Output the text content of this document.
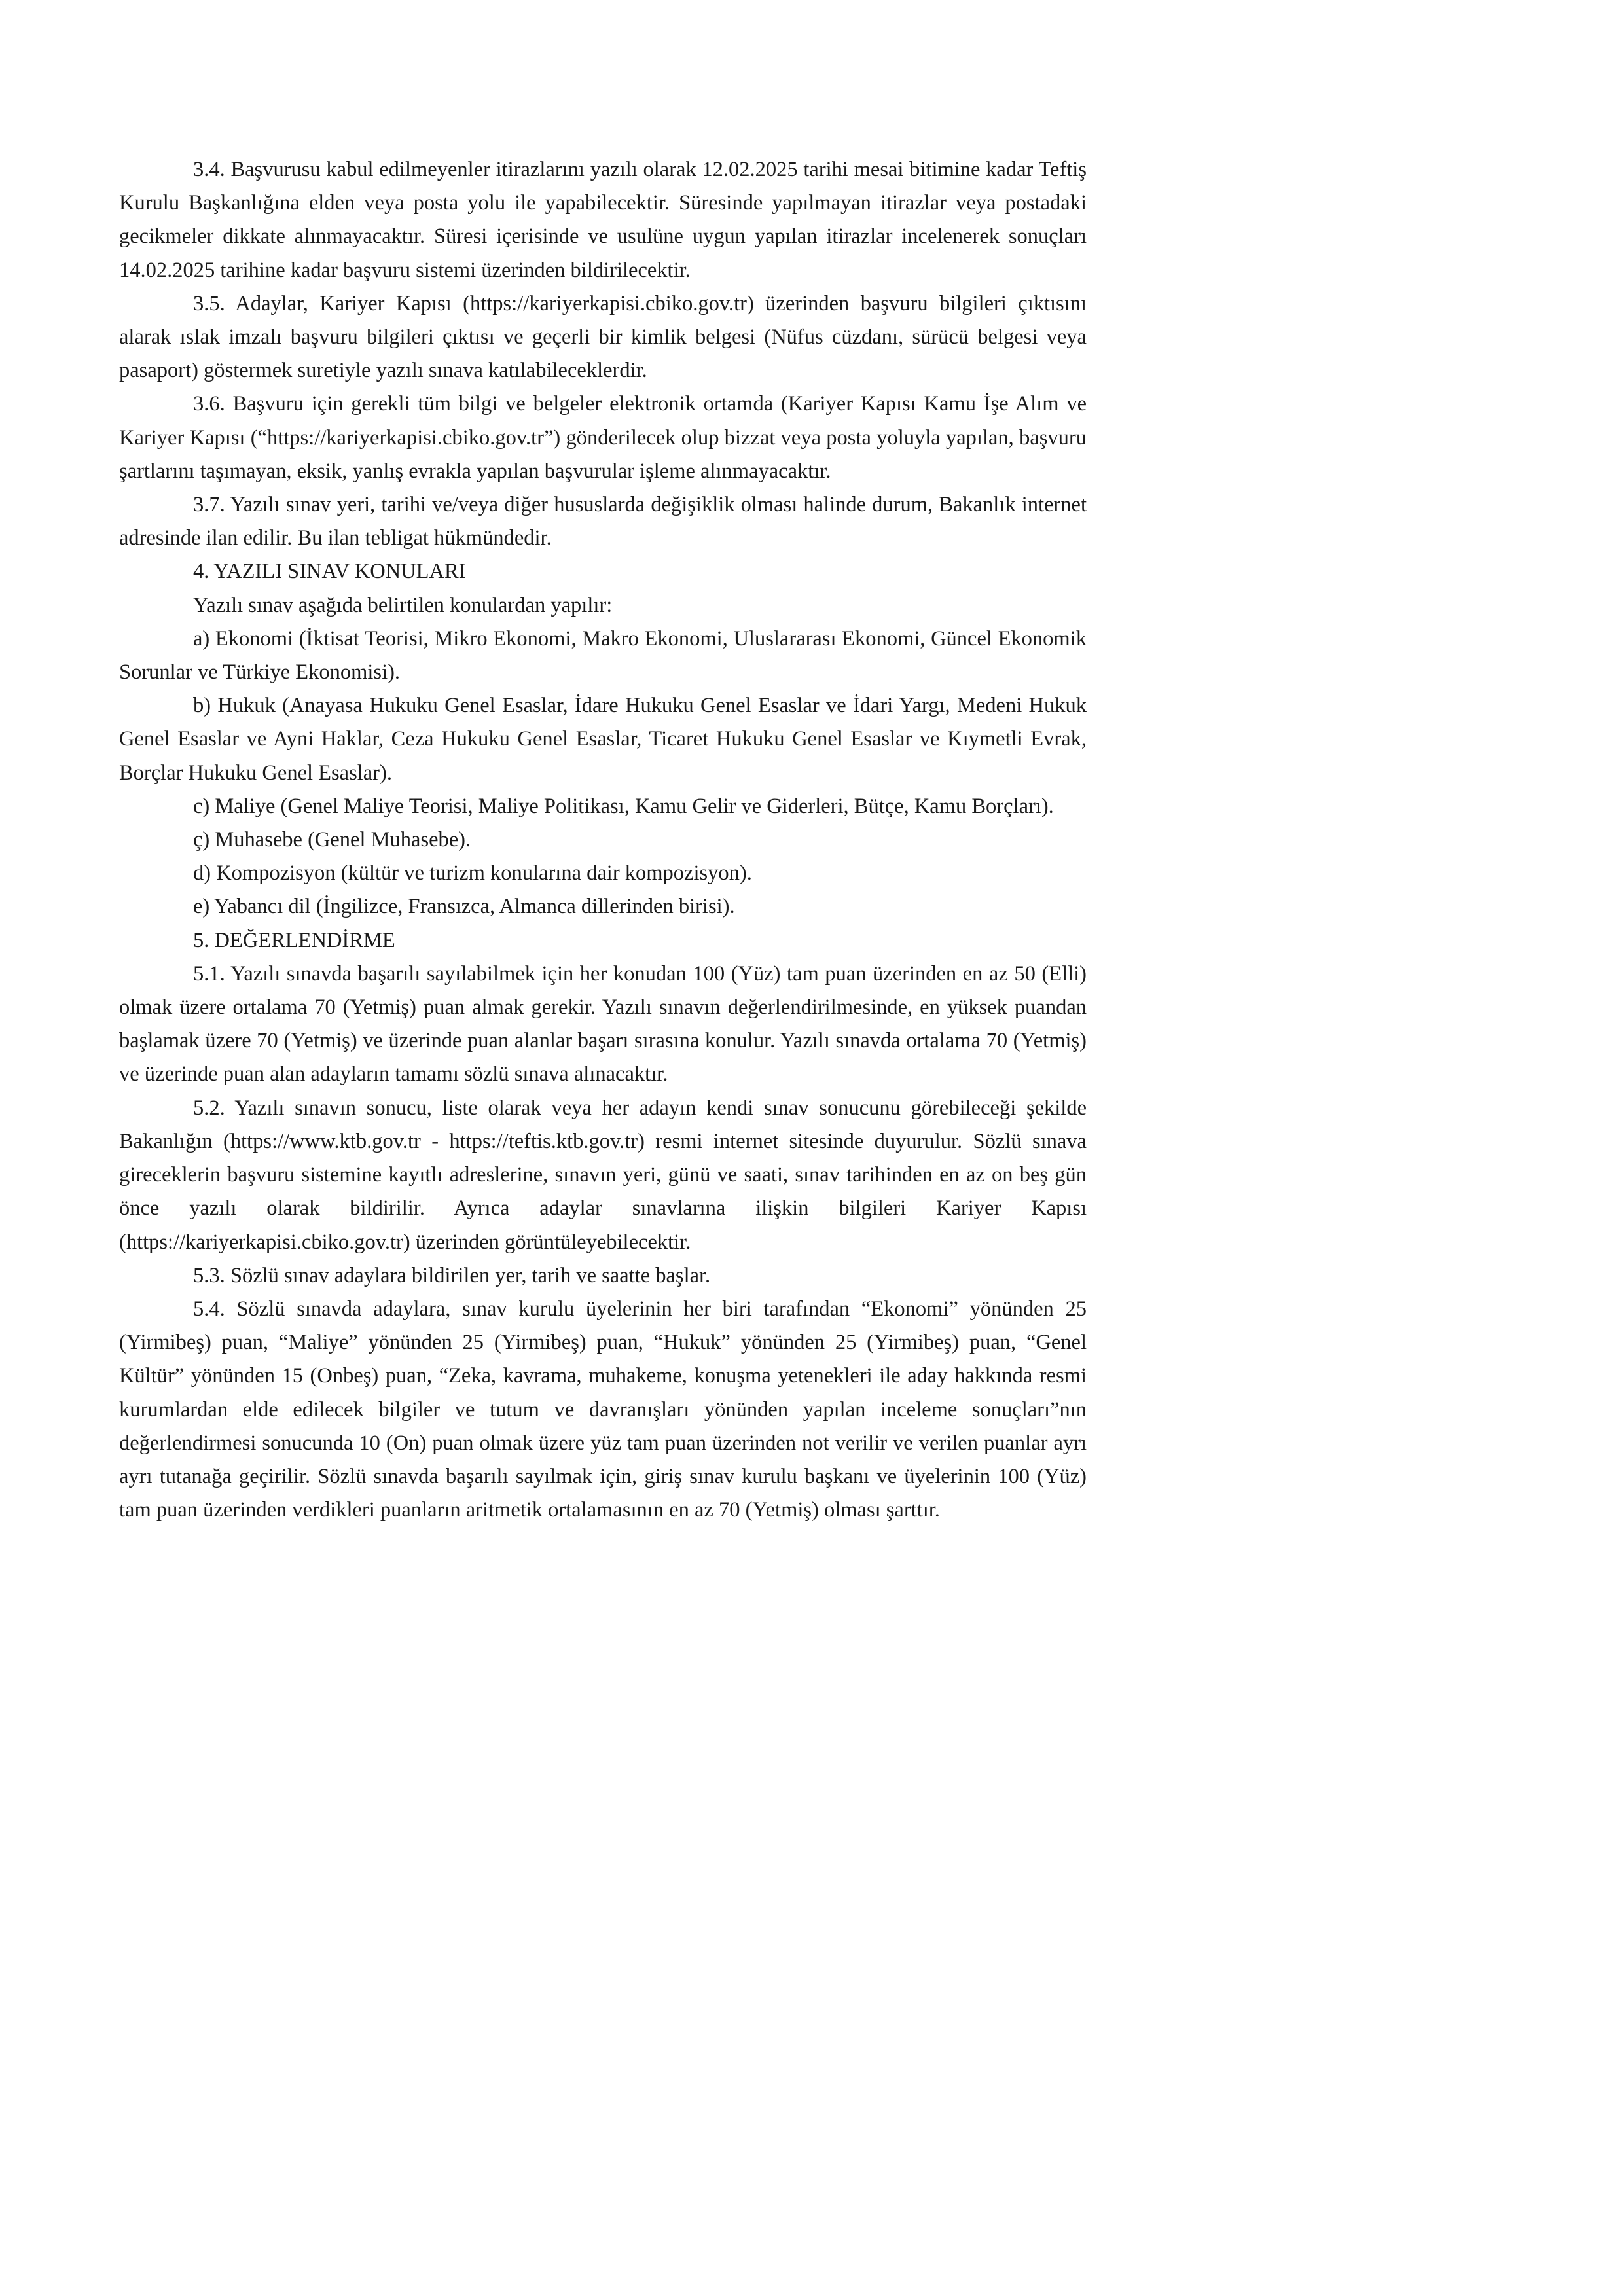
3.4. Başvurusu kabul edilmeyenler itirazlarını yazılı olarak 12.02.2025 tarihi mesai bitimine kadar Teftiş Kurulu Başkanlığına elden veya posta yolu ile yapabilecektir. Süresinde yapılmayan itirazlar veya postadaki gecikmeler dikkate alınmayacaktır. Süresi içerisinde ve usulüne uygun yapılan itirazlar incelenerek sonuçları 14.02.2025 tarihine kadar başvuru sistemi üzerinden bildirilecektir.

3.5. Adaylar, Kariyer Kapısı (https://kariyerkapisi.cbiko.gov.tr) üzerinden başvuru bilgileri çıktısını alarak ıslak imzalı başvuru bilgileri çıktısı ve geçerli bir kimlik belgesi (Nüfus cüzdanı, sürücü belgesi veya pasaport) göstermek suretiyle yazılı sınava katılabileceklerdir.

3.6. Başvuru için gerekli tüm bilgi ve belgeler elektronik ortamda (Kariyer Kapısı Kamu İşe Alım ve Kariyer Kapısı (“https://kariyerkapisi.cbiko.gov.tr”) gönderilecek olup bizzat veya posta yoluyla yapılan, başvuru şartlarını taşımayan, eksik, yanlış evrakla yapılan başvurular işleme alınmayacaktır.

3.7. Yazılı sınav yeri, tarihi ve/veya diğer hususlarda değişiklik olması halinde durum, Bakanlık internet adresinde ilan edilir. Bu ilan tebligat hükmündedir.

4. YAZILI SINAV KONULARI

Yazılı sınav aşağıda belirtilen konulardan yapılır:

a) Ekonomi (İktisat Teorisi, Mikro Ekonomi, Makro Ekonomi, Uluslararası Ekonomi, Güncel Ekonomik Sorunlar ve Türkiye Ekonomisi).

b) Hukuk (Anayasa Hukuku Genel Esaslar, İdare Hukuku Genel Esaslar ve İdari Yargı, Medeni Hukuk Genel Esaslar ve Ayni Haklar, Ceza Hukuku Genel Esaslar, Ticaret Hukuku Genel Esaslar ve Kıymetli Evrak, Borçlar Hukuku Genel Esaslar).

c) Maliye (Genel Maliye Teorisi, Maliye Politikası, Kamu Gelir ve Giderleri, Bütçe, Kamu Borçları).

ç) Muhasebe (Genel Muhasebe).

d) Kompozisyon (kültür ve turizm konularına dair kompozisyon).

e) Yabancı dil (İngilizce, Fransızca, Almanca dillerinden birisi).

5. DEĞERLENDİRME

5.1. Yazılı sınavda başarılı sayılabilmek için her konudan 100 (Yüz) tam puan üzerinden en az 50 (Elli) olmak üzere ortalama 70 (Yetmiş) puan almak gerekir. Yazılı sınavın değerlendirilmesinde, en yüksek puandan başlamak üzere 70 (Yetmiş) ve üzerinde puan alanlar başarı sırasına konulur. Yazılı sınavda ortalama 70 (Yetmiş) ve üzerinde puan alan adayların tamamı sözlü sınava alınacaktır.

5.2. Yazılı sınavın sonucu, liste olarak veya her adayın kendi sınav sonucunu görebileceği şekilde Bakanlığın (https://www.ktb.gov.tr - https://teftis.ktb.gov.tr) resmi internet sitesinde duyurulur. Sözlü sınava gireceklerin başvuru sistemine kayıtlı adreslerine, sınavın yeri, günü ve saati, sınav tarihinden en az on beş gün önce yazılı olarak bildirilir. Ayrıca adaylar sınavlarına ilişkin bilgileri Kariyer Kapısı (https://kariyerkapisi.cbiko.gov.tr) üzerinden görüntüleyebilecektir.

5.3. Sözlü sınav adaylara bildirilen yer, tarih ve saatte başlar.

5.4. Sözlü sınavda adaylara, sınav kurulu üyelerinin her biri tarafından “Ekonomi” yönünden 25 (Yirmibeş) puan, “Maliye” yönünden 25 (Yirmibeş) puan, “Hukuk” yönünden 25 (Yirmibeş) puan, “Genel Kültür” yönünden 15 (Onbeş) puan, “Zeka, kavrama, muhakeme, konuşma yetenekleri ile aday hakkında resmi kurumlardan elde edilecek bilgiler ve tutum ve davranışları yönünden yapılan inceleme sonuçları”nın değerlendirmesi sonucunda 10 (On) puan olmak üzere yüz tam puan üzerinden not verilir ve verilen puanlar ayrı ayrı tutanağa geçirilir. Sözlü sınavda başarılı sayılmak için, giriş sınav kurulu başkanı ve üyelerinin 100 (Yüz) tam puan üzerinden verdikleri puanların aritmetik ortalamasının en az 70 (Yetmiş) olması şarttır.
